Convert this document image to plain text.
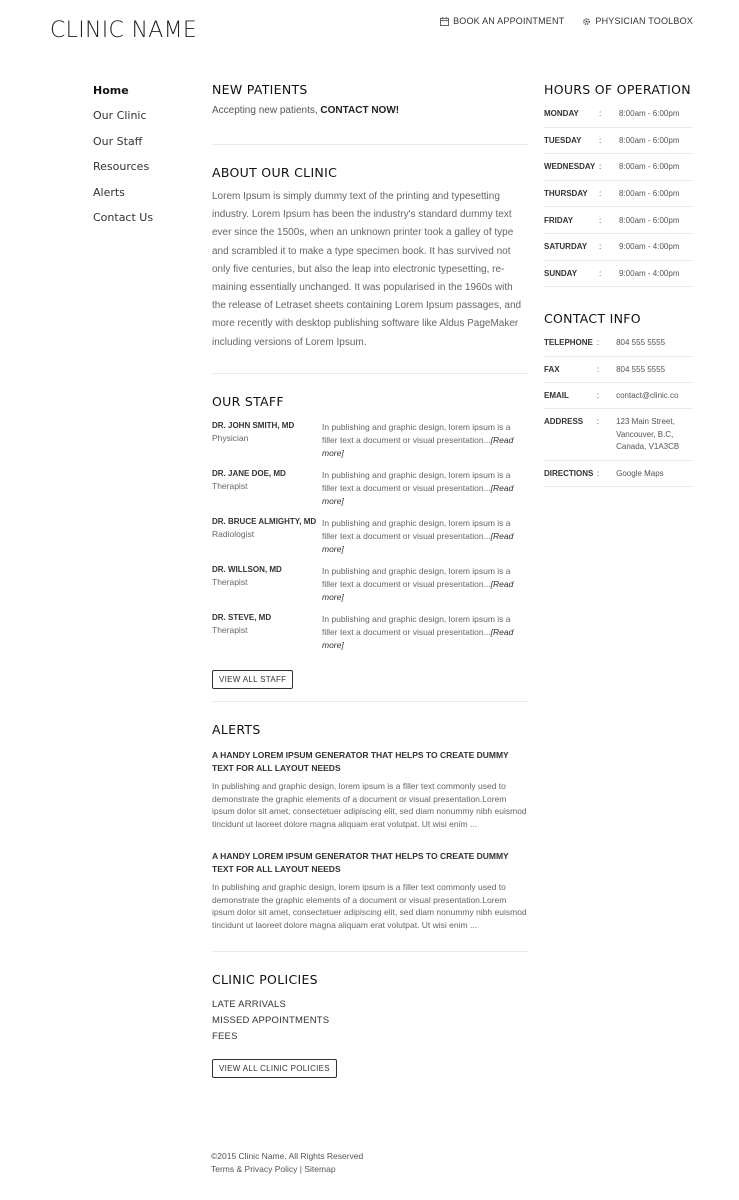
CLINIC NAME	BOOK AN APPOINTMENT	PHYSICIAN TOOLBOX
Home
Our Clinic
Our Staff
Resources
Alerts
Contact Us
NEW PATIENTS

Accepting new patients, CONTACT NOW!

ABOUT OUR CLINIC

Lorem Ipsum is simply dummy text of the printing and typesetting industry. Lorem Ipsum has been the industry's standard dummy text ever since the 1500s, when an unknown printer took a galley of type and scrambled it to make a type specimen book. It has survived not only five centuries, but also the leap into electronic typesetting, re-maining essentially unchanged. It was popularised in the 1960s with the release of Letraset sheets containing Lorem Ipsum passages, and more recently with desktop publishing software like Aldus PageMaker including versions of Lorem Ipsum.

OUR STAFF
DR. JOHN SMITH, MD
Physician
In publishing and graphic design, lorem ipsum is a filler text a document or visual presentation...[Read more]
DR. JANE DOE, MD
Therapist
In publishing and graphic design, lorem ipsum is a filler text a document or visual presentation...[Read more]
DR. BRUCE ALMIGHTY, MD
Radiologist
In publishing and graphic design, lorem ipsum is a filler text a document or visual presentation...[Read more]
DR. WILLSON, MD
Therapist
In publishing and graphic design, lorem ipsum is a filler text a document or visual presentation...[Read more]
DR. STEVE, MD
Therapist
In publishing and graphic design, lorem ipsum is a filler text a document or visual presentation...[Read more]
VIEW ALL STAFF
ALERTS
A HANDY LOREM IPSUM GENERATOR THAT HELPS TO CREATE DUMMY TEXT FOR ALL LAYOUT NEEDS
In publishing and graphic design, lorem ipsum is a filler text commonly used to demonstrate the graphic elements of a document or visual presentation.Lorem ipsum dolor sit amet, consectetuer adipiscing elit, sed diam nonummy nibh euismod tincidunt ut laoreet dolore magna aliquam erat volutpat. Ut wisi enim ...
A HANDY LOREM IPSUM GENERATOR THAT HELPS TO CREATE DUMMY TEXT FOR ALL LAYOUT NEEDS
In publishing and graphic design, lorem ipsum is a filler text commonly used to demonstrate the graphic elements of a document or visual presentation.Lorem ipsum dolor sit amet, consectetuer adipiscing elit, sed diam nonummy nibh euismod tincidunt ut laoreet dolore magna aliquam erat volutpat. Ut wisi enim ...
CLINIC POLICIES
LATE ARRIVALS
MISSED APPOINTMENTS
FEES
VIEW ALL CLINIC POLICIES
HOURS OF OPERATION
MONDAY	:	8:00am - 6:00pm
TUESDAY	:	8:00am - 6:00pm
WEDNESDAY :	8:00am - 6:00pm
THURSDAY	:	8:00am - 6:00pm
FRIDAY	:	8:00am - 6:00pm
SATURDAY	:	9:00am - 4:00pm
SUNDAY	:	9:00am - 4:00pm
CONTACT INFO
TELEPHONE :	804 555 5555
FAX	:	804 555 5555
EMAIL	:	contact@clinic.co
ADDRESS	:	123 Main Street, Vancouver, B.C, Canada, V1A3CB
DIRECTIONS :	Google Maps
©2015 Clinic Name. All Rights Reserved
Terms & Privacy Policy | Sitemap
